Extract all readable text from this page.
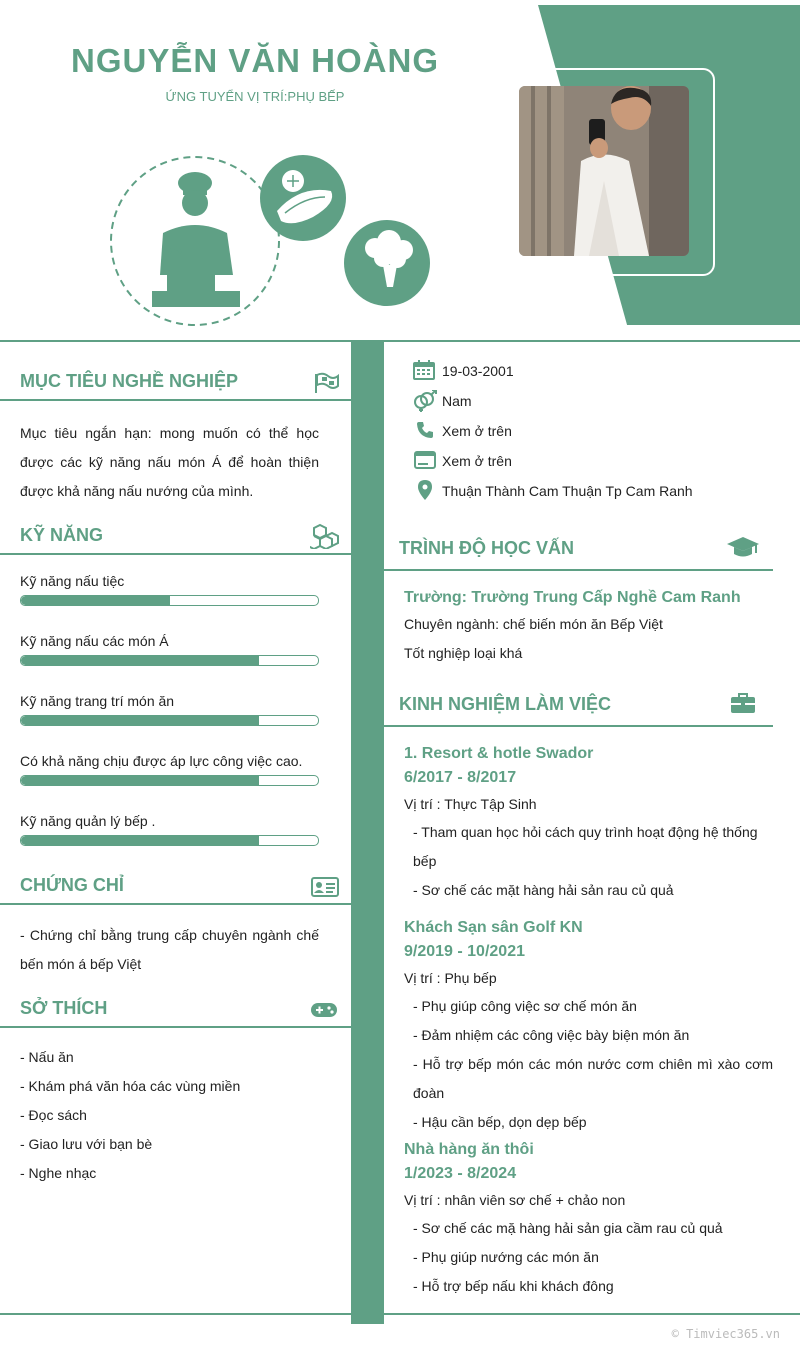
NGUYỄN VĂN HOÀNG
ỨNG TUYỂN VỊ TRÍ:PHỤ BẾP
MỤC TIÊU NGHỀ NGHIỆP
Mục tiêu ngắn hạn: mong muốn có thể học được các kỹ năng nấu món Á để hoàn thiện được khả năng nấu nướng của mình.
KỸ NĂNG
Kỹ năng nấu tiệc
Kỹ năng nấu các món Á
Kỹ năng trang trí món ăn
Có khả năng chịu được áp lực công việc cao.
Kỹ năng quản lý bếp .
CHỨNG CHỈ
- Chứng chỉ bằng trung cấp chuyên ngành chế bến món á bếp Việt
SỞ THÍCH
- Nấu ăn
- Khám phá văn hóa các vùng miền
- Đọc sách
- Giao lưu với bạn bè
- Nghe nhạc
19-03-2001
Nam
Xem ở trên
Xem ở trên
Thuận Thành Cam Thuận Tp Cam Ranh
TRÌNH ĐỘ HỌC VẤN
Trường: Trường Trung Cấp Nghề Cam Ranh
Chuyên ngành: chế biến món ăn Bếp Việt
Tốt nghiệp loại khá
KINH NGHIỆM LÀM VIỆC
1. Resort & hotle Swador
6/2017 - 8/2017
Vị trí : Thực Tập Sinh
- Tham quan học hỏi cách quy trình hoạt động hệ thống bếp
- Sơ chế các mặt hàng hải sản rau củ quả
Khách Sạn sân Golf KN
9/2019 - 10/2021
Vị trí : Phụ bếp
- Phụ giúp công việc sơ chế món ăn
- Đảm nhiệm các công việc bày biện món ăn
- Hỗ trợ bếp món các món nước cơm chiên mì xào cơm đoàn
- Hậu cần bếp, dọn dẹp bếp
Nhà hàng ăn thôi
1/2023 - 8/2024
Vị trí : nhân viên sơ chế + chảo non
- Sơ chế các mặ hàng hải sản gia cầm rau củ quả
- Phụ giúp nướng các món ăn
- Hỗ trợ bếp nấu khi khách đông
© Timviec365.vn
